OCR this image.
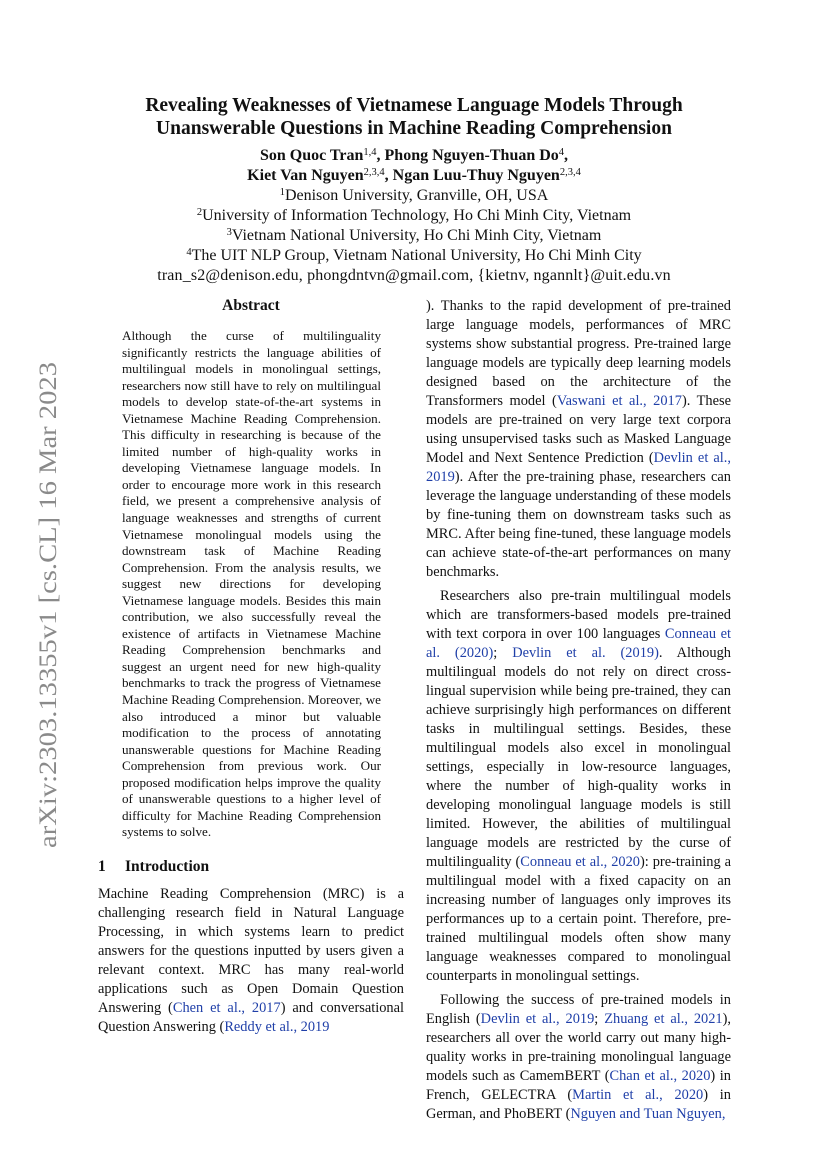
arXiv:2303.13355v1 [cs.CL] 16 Mar 2023
Revealing Weaknesses of Vietnamese Language Models Through
Unanswerable Questions in Machine Reading Comprehension
Son Quoc Tran$^{1,4}$, Phong Nguyen-Thuan Do$^4$,
Kiet Van Nguyen$^{2,3,4}$, Ngan Luu-Thuy Nguyen$^{2,3,4}$
$^1$Denison University, Granville, OH, USA
$^2$University of Information Technology, Ho Chi Minh City, Vietnam
$^3$Vietnam National University, Ho Chi Minh City, Vietnam
$^4$The UIT NLP Group, Vietnam National University, Ho Chi Minh City
tran_s2@denison.edu, phongdntvn@gmail.com, {kietnv, ngannlt}@uit.edu.vn
Abstract
Although the curse of multilinguality significantly restricts the language abilities of multilingual models in monolingual settings, researchers now still have to rely on multilingual models to develop state-of-the-art systems in Vietnamese Machine Reading Comprehension. This difficulty in researching is because of the limited number of high-quality works in developing Vietnamese language models. In order to encourage more work in this research field, we present a comprehensive analysis of language weaknesses and strengths of current Vietnamese monolingual models using the downstream task of Machine Reading Comprehension. From the analysis results, we suggest new directions for developing Vietnamese language models. Besides this main contribution, we also successfully reveal the existence of artifacts in Vietnamese Machine Reading Comprehension benchmarks and suggest an urgent need for new high-quality benchmarks to track the progress of Vietnamese Machine Reading Comprehension. Moreover, we also introduced a minor but valuable modification to the process of annotating unanswerable questions for Machine Reading Comprehension from previous work. Our proposed modification helps improve the quality of unanswerable questions to a higher level of difficulty for Machine Reading Comprehension systems to solve.
1 Introduction
Machine Reading Comprehension (MRC) is a challenging research field in Natural Language Processing, in which systems learn to predict answers for the questions inputted by users given a relevant context. MRC has many real-world applications such as Open Domain Question Answering (Chen et al., 2017) and conversational Question Answering (Reddy et al., 2019
). Thanks to the rapid development of pre-trained large language models, performances of MRC systems show substantial progress. Pre-trained large language models are typically deep learning models designed based on the architecture of the Transformers model (Vaswani et al., 2017). These models are pre-trained on very large text corpora using unsupervised tasks such as Masked Language Model and Next Sentence Prediction (Devlin et al., 2019). After the pre-training phase, researchers can leverage the language understanding of these models by fine-tuning them on downstream tasks such as MRC. After being fine-tuned, these language models can achieve state-of-the-art performances on many benchmarks.
Researchers also pre-train multilingual models which are transformers-based models pre-trained with text corpora in over 100 languages Conneau et al. (2020); Devlin et al. (2019). Although multilingual models do not rely on direct cross-lingual supervision while being pre-trained, they can achieve surprisingly high performances on different tasks in multilingual settings. Besides, these multilingual models also excel in monolingual settings, especially in low-resource languages, where the number of high-quality works in developing monolingual language models is still limited. However, the abilities of multilingual language models are restricted by the curse of multilinguality (Conneau et al., 2020): pre-training a multilingual model with a fixed capacity on an increasing number of languages only improves its performances up to a certain point. Therefore, pre-trained multilingual models often show many language weaknesses compared to monolingual counterparts in monolingual settings.
Following the success of pre-trained models in English (Devlin et al., 2019; Zhuang et al., 2021), researchers all over the world carry out many high-quality works in pre-training monolingual language models such as CamemBERT (Chan et al., 2020) in French, GELECTRA (Martin et al., 2020) in German, and PhoBERT (Nguyen and Tuan Nguyen,
